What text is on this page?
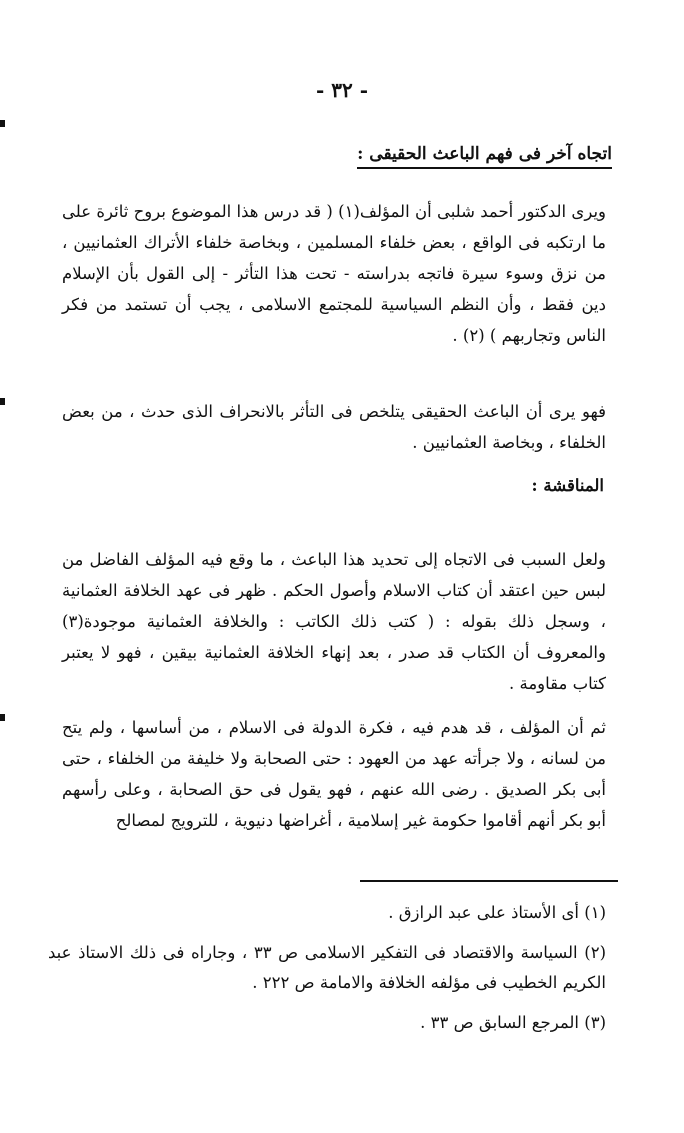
- ٣٢ -
اتجاه آخر فى فهم الباعث الحقيقى :

ويرى الدكتور أحمد شلبى أن المؤلف(١) ( قد درس هذا الموضوع بروح ثائرة على ما ارتكبه فى الواقع ، بعض خلفاء المسلمين ، وبخاصة خلفاء الأتراك العثمانيين ، من نزق وسوء سيرة فاتجه بدراسته - تحت هذا التأثر - إلى القول بأن الإسلام دين فقط ، وأن النظم السياسية للمجتمع الاسلامى ، يجب أن تستمد من فكر الناس وتجاربهم ) (٢) .

فهو يرى أن الباعث الحقيقى يتلخص فى التأثر بالانحراف الذى حدث ، من بعض الخلفاء ، وبخاصة العثمانيين .

المناقشة :

ولعل السبب فى الاتجاه إلى تحديد هذا الباعث ، ما وقع فيه المؤلف الفاضل من لبس حين اعتقد أن كتاب الاسلام وأصول الحكم . ظهر فى عهد الخلافة العثمانية ، وسجل ذلك بقوله : ( كتب ذلك الكاتب : والخلافة العثمانية موجودة(٣) والمعروف أن الكتاب قد صدر ، بعد إنهاء الخلافة العثمانية بيقين ، فهو لا يعتبر كتاب مقاومة .

ثم أن المؤلف ، قد هدم فيه ، فكرة الدولة فى الاسلام ، من أساسها ، ولم يتح من لسانه ، ولا جرأته عهد من العهود : حتى الصحابة ولا خليفة من الخلفاء ، حتى أبى بكر الصديق . رضى الله عنهم ، فهو يقول فى حق الصحابة ، وعلى رأسهم أبو بكر أنهم أقاموا حكومة غير إسلامية ، أغراضها دنيوية ، للترويج لمصالح

(١) أى الأستاذ على عبد الرازق .

(٢) السياسة والاقتصاد فى التفكير الاسلامى ص ٣٣ ، وجاراه فى ذلك الاستاذ عبد الكريم الخطيب فى مؤلفه الخلافة والامامة ص ٢٢٢ .

(٣) المرجع السابق ص ٣٣ .
